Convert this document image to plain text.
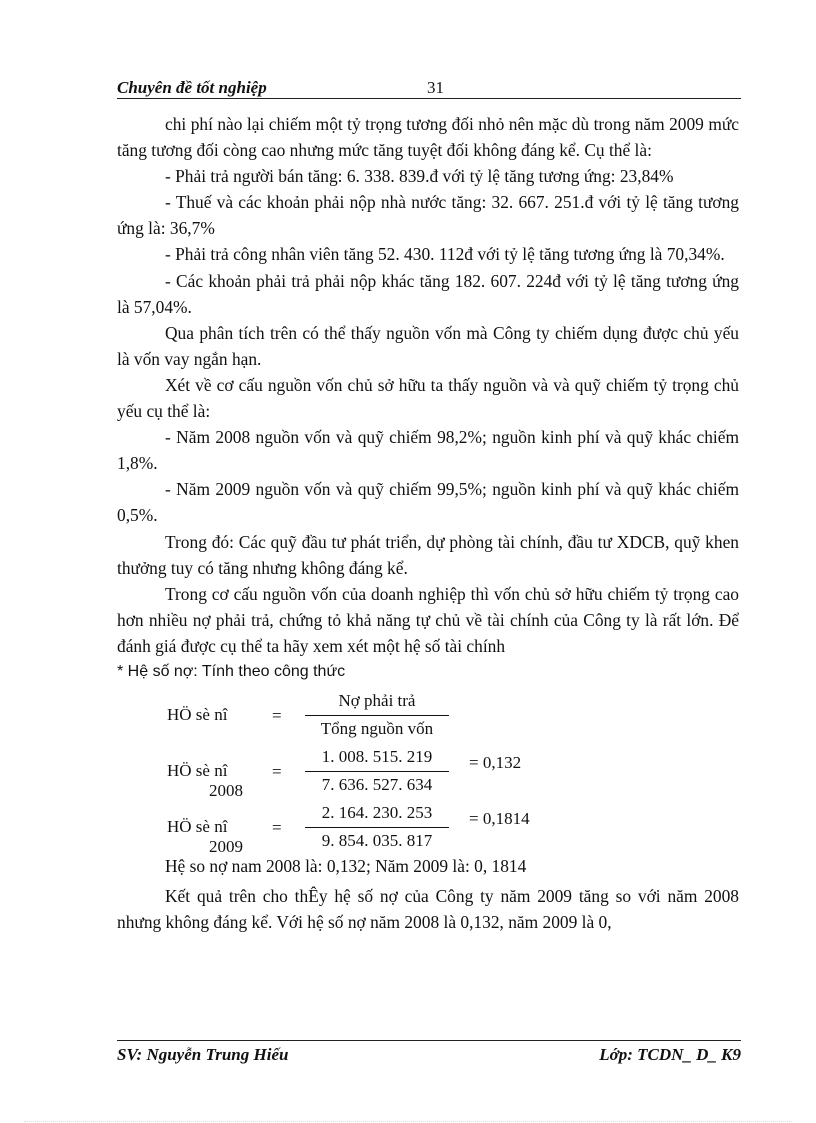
Chuyên đề tốt nghiệp	31

chi phí nào lại chiếm một tỷ trọng tương đối nhỏ nên mặc dù trong năm 2009 mức tăng tương đối còng cao nhưng mức tăng tuyệt đối không đáng kể. Cụ thể là:

- Phải trả người bán tăng: 6. 338. 839.đ với tỷ lệ tăng tương ứng: 23,84%

- Thuế và các khoản phải nộp nhà nước tăng: 32. 667. 251.đ với tỷ lệ tăng tương ứng là: 36,7%

- Phải trả công nhân viên tăng 52. 430. 112đ với tỷ lệ tăng tương ứng là 70,34%.

- Các khoản phải trả phải nộp khác tăng 182. 607. 224đ với tỷ lệ tăng tương ứng là 57,04%.

Qua phân tích trên có thể thấy nguồn vốn mà Công ty chiếm dụng được chủ yếu là vốn vay ngắn hạn.

Xét về cơ cấu nguồn vốn chủ sở hữu ta thấy nguồn và và quỹ chiếm tỷ trọng chủ yếu cụ thể là:

- Năm 2008 nguồn vốn và quỹ chiếm 98,2%; nguồn kinh phí và quỹ khác chiếm 1,8%.

- Năm 2009 nguồn vốn và quỹ chiếm 99,5%; nguồn kinh phí và quỹ khác chiếm 0,5%.

Trong đó: Các quỹ đầu tư phát triển, dự phòng tài chính, đầu tư XDCB, quỹ khen thưởng tuy có tăng nhưng không đáng kể.

Trong cơ cấu nguồn vốn của doanh nghiệp thì vốn chủ sở hữu chiếm tỷ trọng cao hơn nhiều nợ phải trả, chứng tỏ khả năng tự chủ về tài chính của Công ty là rất lớn. Để đánh giá được cụ thể ta hãy xem xét một hệ số tài chính

* Hệ số nợ: Tính theo công thức

HÖ sè nî	=
Nợ phải trả
Tổng nguồn vốn
HÖ sè nî
2008
=
1. 008. 515. 219
7. 636. 527. 634
= 0,132
HÖ sè nî
2009
=
2. 164. 230. 253
9. 854. 035. 817
= 0,1814

Hệ so nợ nam 2008 là: 0,132; Năm 2009 là: 0, 1814

Kết quả trên cho thÊy hệ số nợ của Công ty năm 2009 tăng so với năm 2008 nhưng không đáng kể. Với hệ số nợ năm 2008 là 0,132, năm 2009 là 0,

SV: Nguyễn Trung Hiếu	Lớp: TCDN_ D_ K9
